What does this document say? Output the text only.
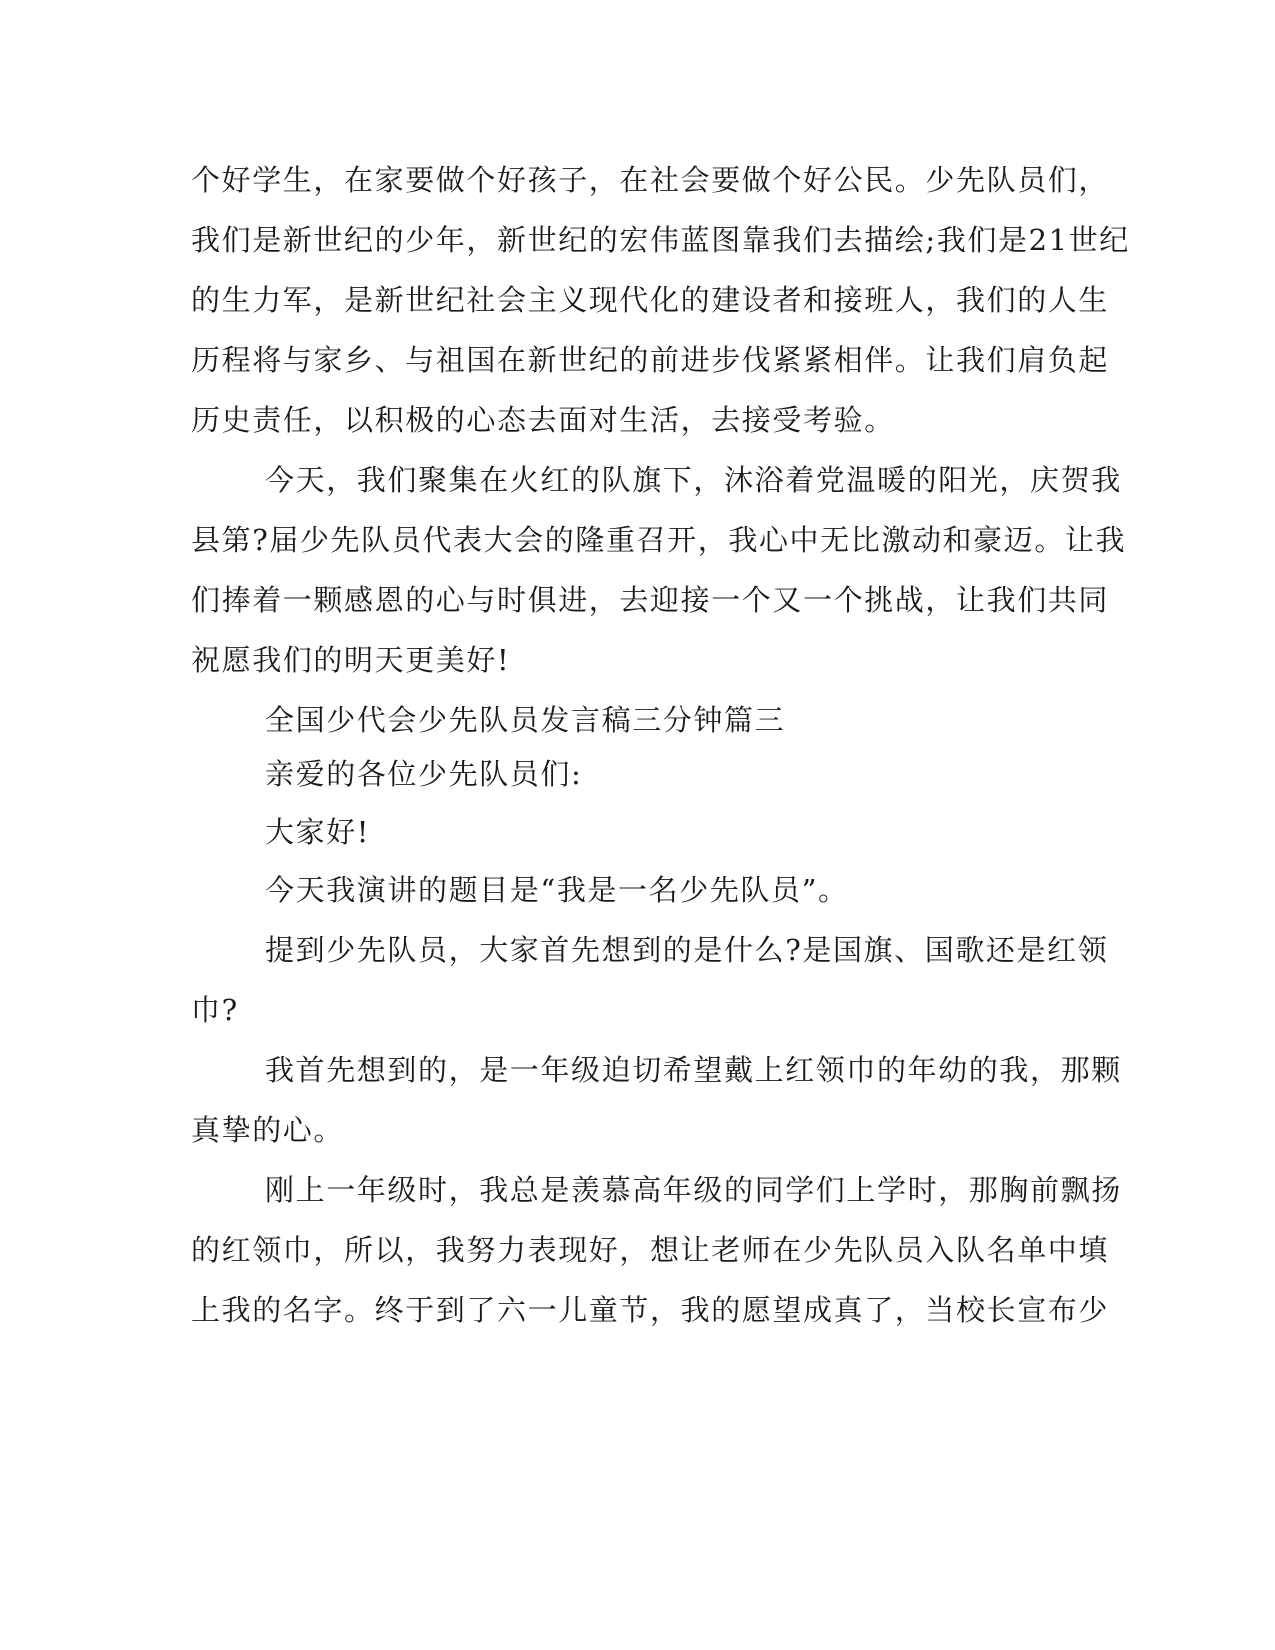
个好学生，在家要做个好孩子，在社会要做个好公民。少先队员们，
我们是新世纪的少年，新世纪的宏伟蓝图靠我们去描绘;我们是21世纪
的生力军，是新世纪社会主义现代化的建设者和接班人，我们的人生
历程将与家乡、与祖国在新世纪的前进步伐紧紧相伴。让我们肩负起
历史责任，以积极的心态去面对生活，去接受考验。
今天，我们聚集在火红的队旗下，沐浴着党温暖的阳光，庆贺我
县第?届少先队员代表大会的隆重召开，我心中无比激动和豪迈。让我
们捧着一颗感恩的心与时俱进，去迎接一个又一个挑战，让我们共同
祝愿我们的明天更美好!
全国少代会少先队员发言稿三分钟篇三
亲爱的各位少先队员们:
大家好!
今天我演讲的题目是“我是一名少先队员”。
提到少先队员，大家首先想到的是什么?是国旗、国歌还是红领
巾?
我首先想到的，是一年级迫切希望戴上红领巾的年幼的我，那颗
真挚的心。
刚上一年级时，我总是羡慕高年级的同学们上学时，那胸前飘扬
的红领巾，所以，我努力表现好，想让老师在少先队员入队名单中填
上我的名字。终于到了六一儿童节，我的愿望成真了，当校长宣布少
